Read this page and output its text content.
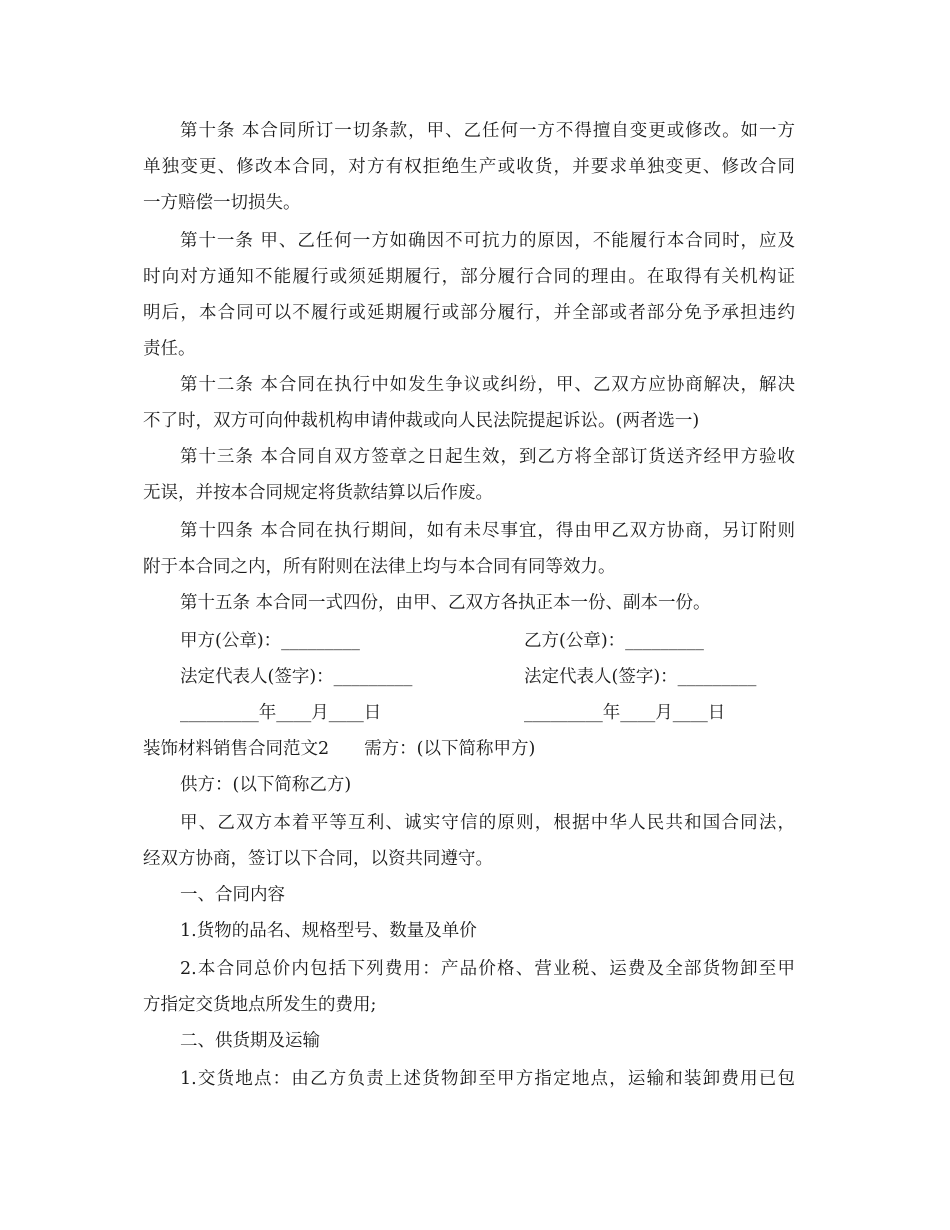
第十条 本合同所订一切条款，甲、乙任何一方不得擅自变更或修改。如一方
单独变更、修改本合同，对方有权拒绝生产或收货，并要求单独变更、修改合同
一方赔偿一切损失。
第十一条 甲、乙任何一方如确因不可抗力的原因，不能履行本合同时，应及
时向对方通知不能履行或须延期履行，部分履行合同的理由。在取得有关机构证
明后，本合同可以不履行或延期履行或部分履行，并全部或者部分免予承担违约
责任。
第十二条 本合同在执行中如发生争议或纠纷，甲、乙双方应协商解决，解决
不了时，双方可向仲裁机构申请仲裁或向人民法院提起诉讼。(两者选一)
第十三条 本合同自双方签章之日起生效，到乙方将全部订货送齐经甲方验收
无误，并按本合同规定将货款结算以后作废。
第十四条 本合同在执行期间，如有未尽事宜，得由甲乙双方协商，另订附则
附于本合同之内，所有附则在法律上均与本合同有同等效力。
第十五条 本合同一式四份，由甲、乙双方各执正本一份、副本一份。
甲方(公章)：_________	乙方(公章)：_________
法定代表人(签字)：_________	法定代表人(签字)：_________
_________年____月____日	_________年____月____日
装饰材料销售合同范文2　　需方：(以下简称甲方)
供方：(以下简称乙方)
甲、乙双方本着平等互利、诚实守信的原则，根据中华人民共和国合同法，
经双方协商，签订以下合同，以资共同遵守。
一、合同内容
1.货物的品名、规格型号、数量及单价
2.本合同总价内包括下列费用：产品价格、营业税、运费及全部货物卸至甲
方指定交货地点所发生的费用;
二、供货期及运输
1.交货地点：由乙方负责上述货物卸至甲方指定地点，运输和装卸费用已包
